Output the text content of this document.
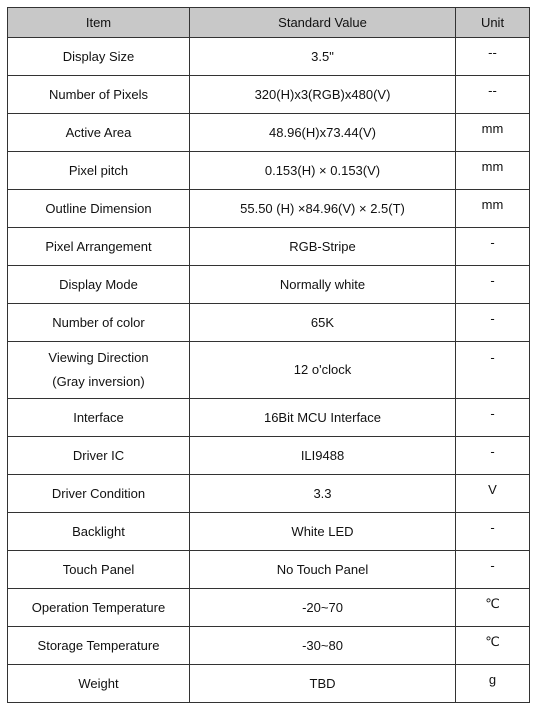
Item	Standard Value	Unit
Display Size	3.5"	--
Number of Pixels	320(H)x3(RGB)x480(V)	--
Active Area	48.96(H)x73.44(V)	mm
Pixel pitch	0.153(H) × 0.153(V)	mm
Outline Dimension	55.50 (H) ×84.96(V) × 2.5(T)	mm
Pixel Arrangement	RGB-Stripe	-
Display Mode	Normally white	-
Number of color	65K	-

Viewing Direction
(Gray inversion)	12 o'clock	-
Interface	16Bit MCU Interface	-
Driver IC	ILI9488	-
Driver Condition	3.3	V
Backlight	White LED	-
Touch Panel	No Touch Panel	-
Operation Temperature	-20~70	℃
Storage Temperature	-30~80	℃
Weight	TBD	g
